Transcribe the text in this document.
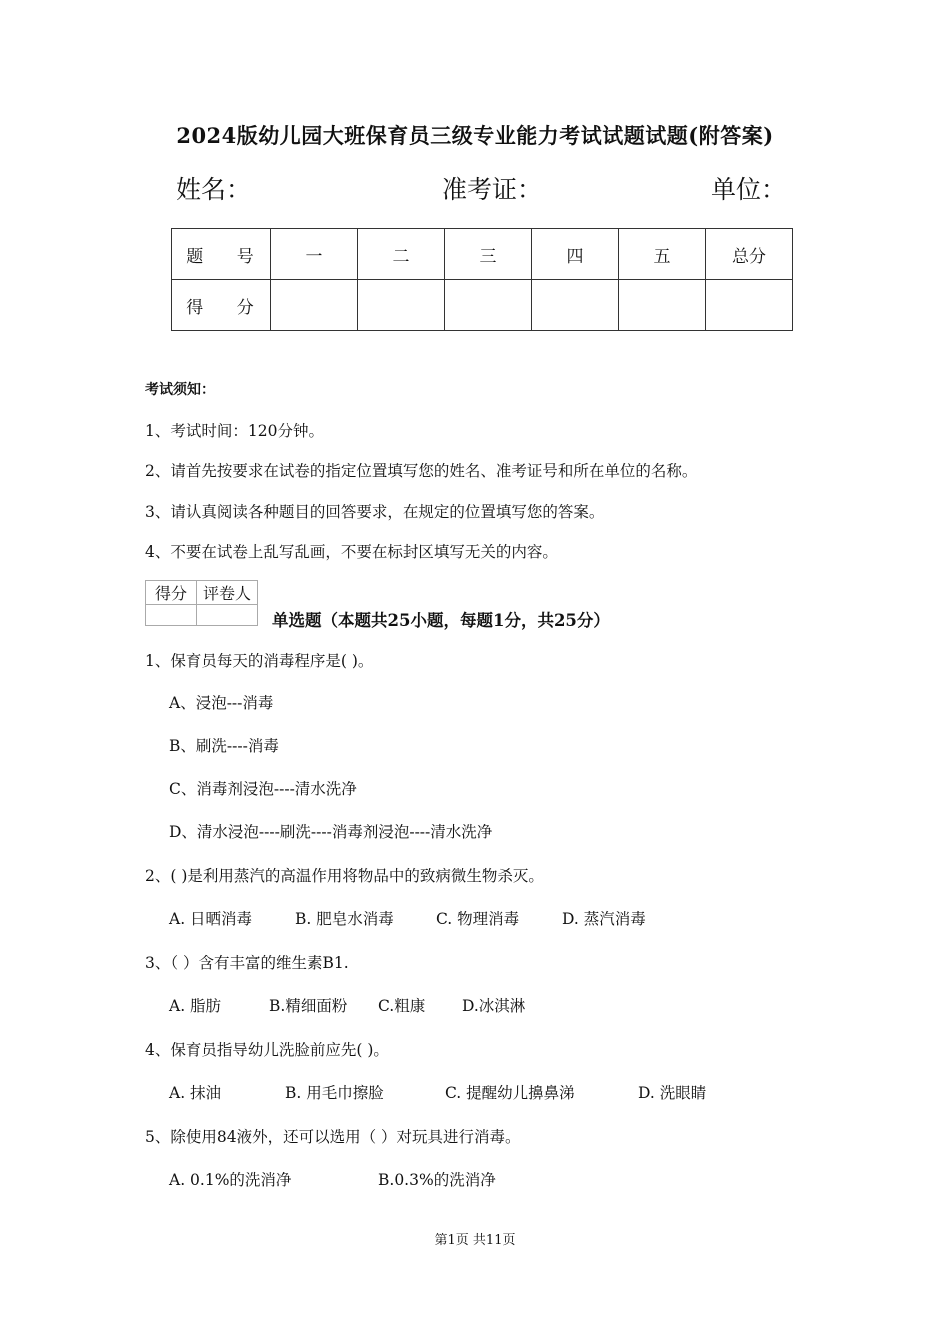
2024版幼儿园大班保育员三级专业能力考试试题试题(附答案)
姓名：	准考证：	单位：
题 号	一	二	三	四	五	总分
得 分						
考试须知：
1、考试时间：120分钟。
2、请首先按要求在试卷的指定位置填写您的姓名、准考证号和所在单位的名称。
3、请认真阅读各种题目的回答要求，在规定的位置填写您的答案。
4、不要在试卷上乱写乱画，不要在标封区填写无关的内容。
得分	评卷人

单选题（本题共25小题，每题1分，共25分）
1、保育员每天的消毒程序是( )。
A、浸泡---消毒
B、刷洗----消毒
C、消毒剂浸泡----清水洗净
D、清水浸泡----刷洗----消毒剂浸泡----清水洗净
2、( )是利用蒸汽的高温作用将物品中的致病微生物杀灭。
A. 日晒消毒	B. 肥皂水消毒	C. 物理消毒	D. 蒸汽消毒
3、（ ）含有丰富的维生素B1.
A. 脂肪	B.精细面粉 C.粗康 D.冰淇淋
4、保育员指导幼儿洗脸前应先( )。
A. 抹油	B. 用毛巾擦脸	C. 提醒幼儿擤鼻涕	D. 洗眼睛
5、除使用84液外，还可以选用（ ）对玩具进行消毒。
A. 0.1%的洗消净	B.0.3%的洗消净
第1页 共11页
